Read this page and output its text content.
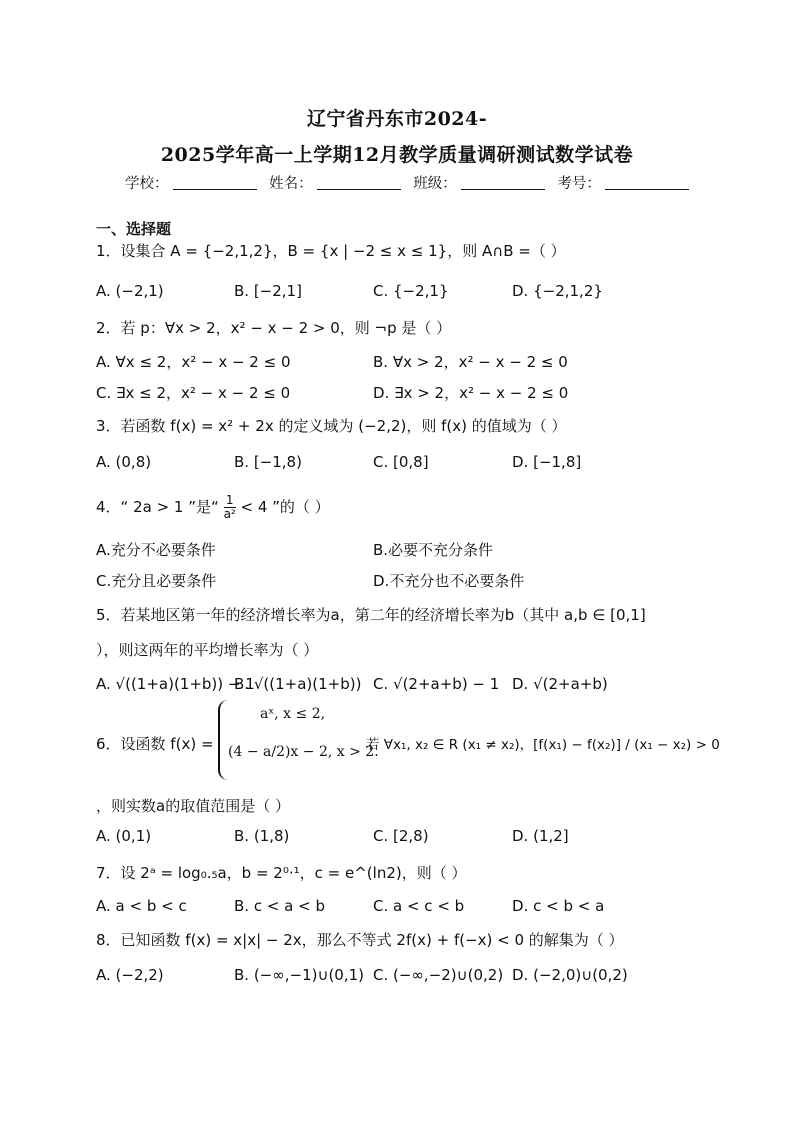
辽宁省丹东市2024-
2025学年高一上学期12月教学质量调研测试数学试卷
学校：	姓名：	班级：	考号：
一、选择题
1．设集合 A = {−2,1,2}，B = {x | −2 ≤ x ≤ 1}，则 A∩B =（ ）
A. (−2,1)	B. [−2,1]	C. {−2,1}	D. {−2,1,2}
2．若 p：∀x > 2，x² − x − 2 > 0，则 ¬p 是（ ）
A. ∀x ≤ 2，x² − x − 2 ≤ 0	B. ∀x > 2，x² − x − 2 ≤ 0
C. ∃x ≤ 2，x² − x − 2 ≤ 0	D. ∃x > 2，x² − x − 2 ≤ 0
3．若函数 f(x) = x² + 2x 的定义域为 (−2,2)，则 f(x) 的值域为（ ）
A. (0,8)	B. [−1,8)	C. [0,8]	D. [−1,8]
4．“ 2a > 1 ”是“ $\frac{1}{\text{a²}} < 4$ ”的（ ）
A.充分不必要条件	B.必要不充分条件
C.充分且必要条件	D.不充分也不必要条件
5．若某地区第一年的经济增长率为a，第二年的经济增长率为b（其中 a,b ∈ [0,1]
），则这两年的平均增长率为（ ）
A. √((1+a)(1+b)) − 1
B. √((1+a)(1+b)) C. √(2+a+b) − 1 D. √(2+a+b)
6．设函数 f(x) =
aˣ, x ≤ 2,
(4 − a/2)x − 2, x > 2.
若 ∀x₁, x₂ ∈ R (x₁ ≠ x₂)，[f(x₁) − f(x₂)] / (x₁ − x₂) > 0
，则实数a的取值范围是（ ）
A. (0,1)	B. (1,8)	C. [2,8)	D. (1,2]
7．设 2ᵃ = log₀.₅a，b = 2⁰·¹，c = e^(ln2)，则（ ）
A. a < b < c	B. c < a < b	C. a < c < b	D. c < b < a
8．已知函数 f(x) = x|x| − 2x，那么不等式 2f(x) + f(−x) < 0 的解集为（ ）
A. (−2,2)	B. (−∞,−1)∪(0,1) C. (−∞,−2)∪(0,2) D. (−2,0)∪(0,2)
